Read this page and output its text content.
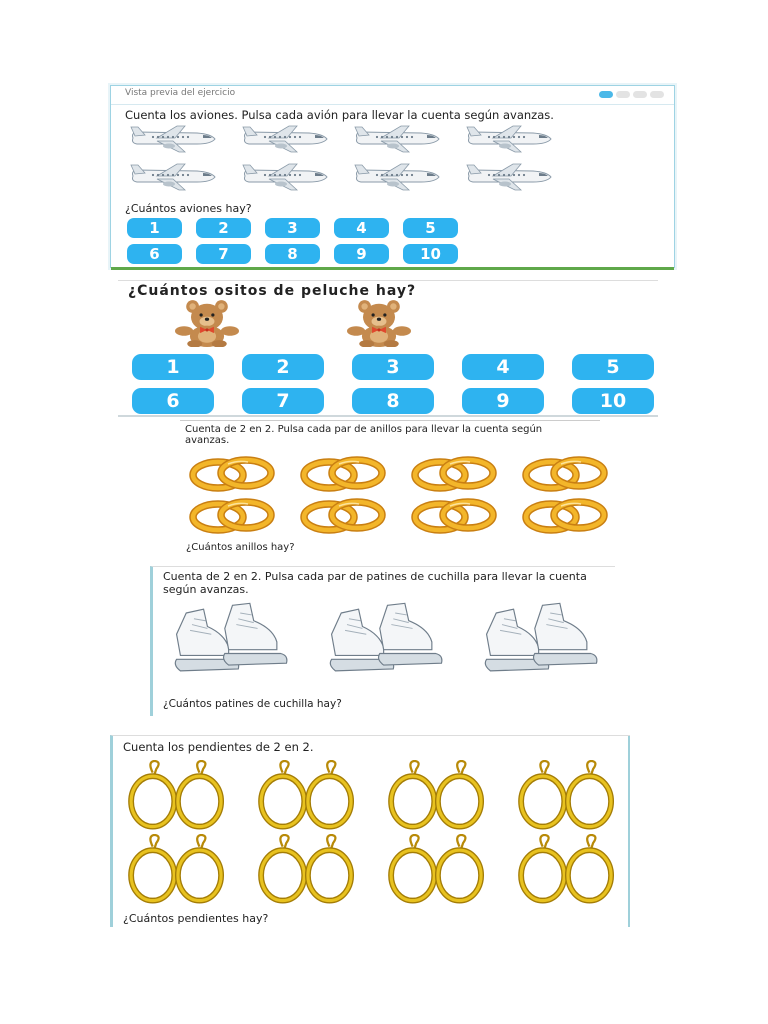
Vista previa del ejercicio
Cuenta los aviones. Pulsa cada avión para llevar la cuenta según avanzas.
¿Cuántos aviones hay?
1	2	3	4	5
6	7	8	9	10
¿Cuántos ositos de peluche hay?
1	2	3	4	5
6	7	8	9	10
Cuenta de 2 en 2. Pulsa cada par de anillos para llevar la cuenta según avanzas.
¿Cuántos anillos hay?
Cuenta de 2 en 2. Pulsa cada par de patines de cuchilla para llevar la cuenta según avanzas.
¿Cuántos patines de cuchilla hay?
Cuenta los pendientes de 2 en 2.
¿Cuántos pendientes hay?
